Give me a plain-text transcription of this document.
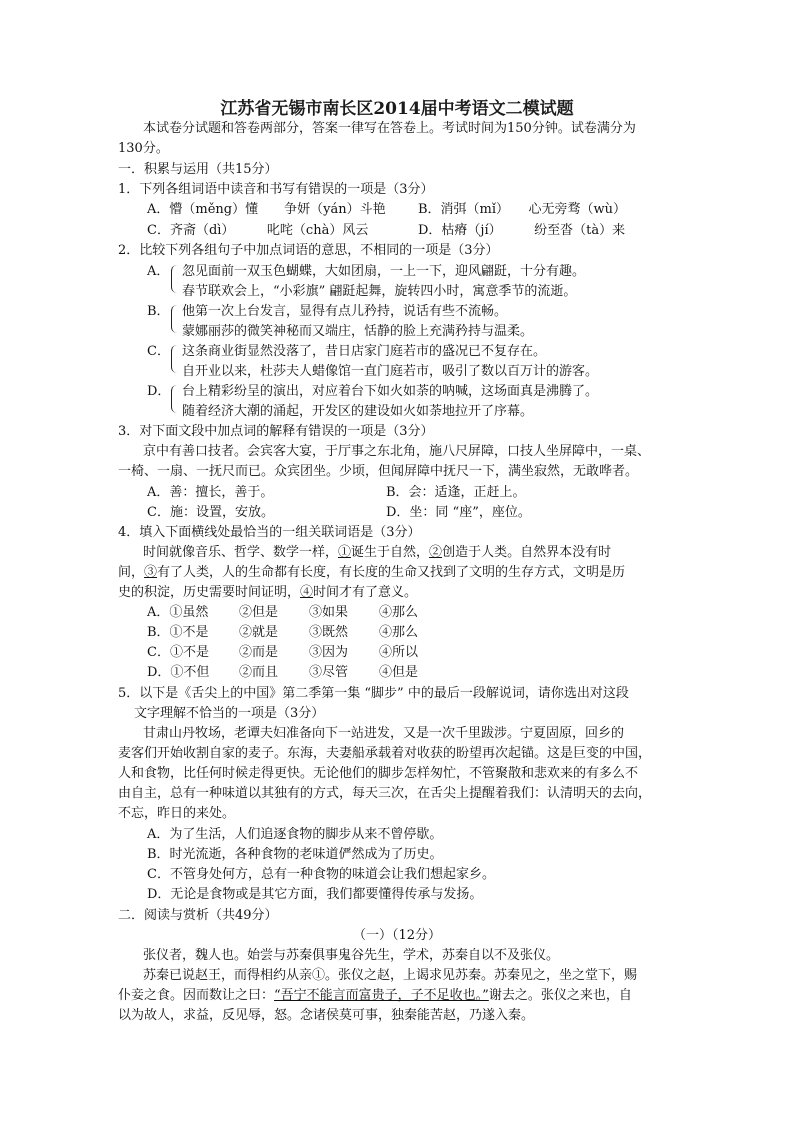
江苏省无锡市南长区2014届中考语文二模试题
本试卷分试题和答卷两部分，答案一律写在答卷上。考试时间为150分钟。试卷满分为
130分。
一．积累与运用（共15分）
1．下列各组词语中读音和书写有错误的一项是（3分）
A．懵（měng）懂　　争妍（yán）斗艳 B．消弭（mǐ）　　心无旁骛（wù）
C．齐斋（dì）　　　叱咤（chà）风云	D．枯瘠（jí）　　　纷至沓（tà）来
2．比较下列各组句子中加点词语的意思，不相同的一项是（3分）
A． 忽见面前一双玉色蝴蝶，大如团扇，一上一下，迎风翩跹，十分有趣。
春节联欢会上，“小彩旗” 翩跹起舞，旋转四小时，寓意季节的流逝。
B． 他第一次上台发言，显得有点儿矜持，说话有些不流畅。
蒙娜丽莎的微笑神秘而又端庄，恬静的脸上充满矜持与温柔。
C． 这条商业街显然没落了，昔日店家门庭若市的盛况已不复存在。
自开业以来，杜莎夫人蜡像馆一直门庭若市，吸引了数以百万计的游客。
D． 台上精彩纷呈的演出，对应着台下如火如荼的呐喊，这场面真是沸腾了。
随着经济大潮的涌起，开发区的建设如火如荼地拉开了序幕。
3．对下面文段中加点词的解释有错误的一项是（3分）
京中有善口技者。会宾客大宴，于厅事之东北角，施八尺屏障，口技人坐屏障中，一桌、
一椅、一扇、一抚尺而已。众宾团坐。少顷，但闻屏障中抚尺一下，满坐寂然，无敢哗者。
A．善：擅长，善于。	B．会：适逢，正赶上。
C．施：设置，安放。	D．坐：同 “座”，座位。
4．填入下面横线处最恰当的一组关联词语是（3分）
时间就像音乐、哲学、数学一样，①诞生于自然，②创造于人类。自然界本没有时
间，③有了人类，人的生命都有长度，有长度的生命又找到了文明的生存方式，文明是历
史的积淀，历史需要时间证明，④时间才有了意义。
A．①虽然 ②但是 ③如果 ④那么
B．①不是 ②就是 ③既然 ④那么
C．①不是 ②而是 ③因为 ④所以
D．①不但 ②而且 ③尽管 ④但是
5．以下是《舌尖上的中国》第二季第一集 “脚步” 中的最后一段解说词，请你选出对这段
文字理解不恰当的一项是（3分）
甘肃山丹牧场，老谭夫妇准备向下一站进发，又是一次千里跋涉。宁夏固原，回乡的
麦客们开始收割自家的麦子。东海，夫妻船承载着对收获的盼望再次起锚。这是巨变的中国，
人和食物，比任何时候走得更快。无论他们的脚步怎样匆忙，不管聚散和悲欢来的有多么不
由自主，总有一种味道以其独有的方式，每天三次，在舌尖上提醒着我们：认清明天的去向，
不忘，昨日的来处。
A．为了生活，人们追逐食物的脚步从来不曾停歇。
B．时光流逝，各种食物的老味道俨然成为了历史。
C．不管身处何方，总有一种食物的味道会让我们想起家乡。
D．无论是食物或是其它方面，我们都要懂得传承与发扬。
二．阅读与赏析（共49分）
（一）（12分）
张仪者，魏人也。始尝与苏秦俱事鬼谷先生，学术，苏秦自以不及张仪。
苏秦已说赵王，而得相约从亲①。张仪之赵，上谒求见苏秦。苏秦见之，坐之堂下，赐
仆妾之食。因而数让之曰：“吾宁不能言而富贵子，子不足收也。”谢去之。张仪之来也，自
以为故人，求益，反见辱，怒。念诸侯莫可事，独秦能苦赵，乃遂入秦。
